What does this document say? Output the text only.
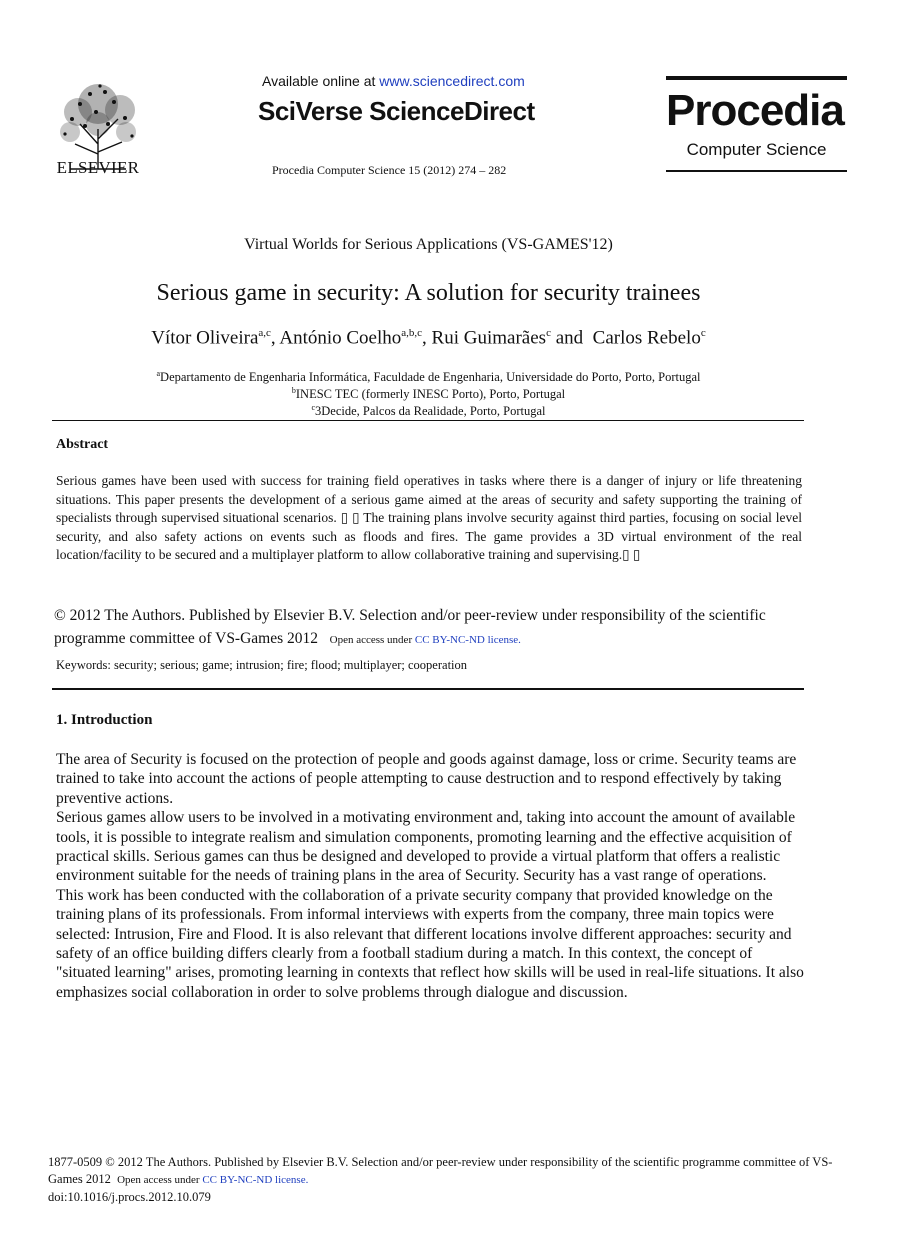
ELSEVIER
Available online at www.sciencedirect.com
SciVerse ScienceDirect
Procedia Computer Science 15 (2012) 274 – 282
Procedia
Computer Science
Virtual Worlds for Serious Applications (VS-GAMES'12)
Serious game in security: A solution for security trainees
Vítor Oliveira$^{a,c}$, António Coelho$^{a,b,c}$, Rui Guimarães$^c$ and  Carlos Rebelo$^c$
$^a$Departamento de Engenharia Informática, Faculdade de Engenharia, Universidade do Porto, Porto, Portugal
$^b$INESC TEC (formerly INESC Porto), Porto, Portugal
$^c$3Decide, Palcos da Realidade, Porto, Portugal
Abstract
Serious games have been used with success for training field operatives in tasks where there is a danger of injury or life threatening situations. This paper presents the development of a serious game aimed at the areas of security and safety supporting the training of specialists through supervised situational scenarios. ▯ ▯ The training plans involve security against third parties, focusing on social level security, and also safety actions on events such as floods and fires. The game provides a 3D virtual environment of the real location/facility to be secured and a multiplayer platform to allow collaborative training and supervising.▯ ▯
© 2012 The Authors. Published by Elsevier B.V. Selection and/or peer-review under responsibility of the scientific programme committee of VS-Games 2012 Open access under CC BY-NC-ND license.
Keywords: security; serious; game; intrusion; fire; flood; multiplayer; cooperation
1. Introduction

The area of Security is focused on the protection of people and goods against damage, loss or crime. Security teams are trained to take into account the actions of people attempting to cause destruction and to respond effectively by taking preventive actions.

Serious games allow users to be involved in a motivating environment and, taking into account the amount of available tools, it is possible to integrate realism and simulation components, promoting learning and the effective acquisition of practical skills. Serious games can thus be designed and developed to provide a virtual platform that offers a realistic environment suitable for the needs of training plans in the area of Security. Security has a vast range of operations.

This work has been conducted with the collaboration of a private security company that provided knowledge on the training plans of its professionals. From informal interviews with experts from the company, three main topics were selected: Intrusion, Fire and Flood. It is also relevant that different locations involve different approaches: security and safety of an office building differs clearly from a football stadium during a match. In this context, the concept of "situated learning" arises, promoting learning in contexts that reflect how skills will be used in real-life situations. It also emphasizes social collaboration in order to solve problems through dialogue and discussion.

1877-0509 © 2012 The Authors. Published by Elsevier B.V. Selection and/or peer-review under responsibility of the scientific programme committee of VS-Games 2012 Open access under CC BY-NC-ND license.
doi:10.1016/j.procs.2012.10.079
